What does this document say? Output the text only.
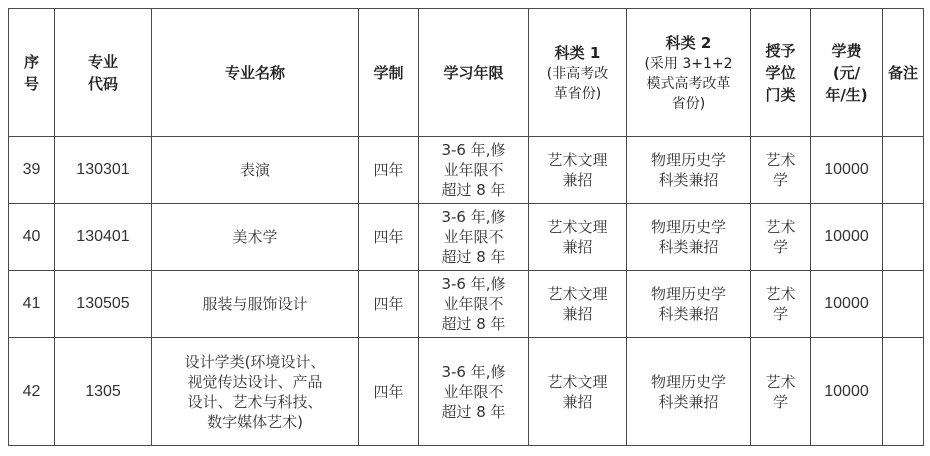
序
号	专业
代码	专业名称	学制	学习年限	科类 1
(非高考改
革省份)	科类 2
(采用 3+1+2
模式高考改革
省份)	授予
学位
门类	学费
(元/
年/生)	备注
39	130301	表演	四年	3-6 年,修
业年限不
超过 8 年	艺术文理
兼招	物理历史学
科类兼招	艺术
学	10000	
40	130401	美术学	四年	3-6 年,修
业年限不
超过 8 年	艺术文理
兼招	物理历史学
科类兼招	艺术
学	10000	
41	130505	服装与服饰设计	四年	3-6 年,修
业年限不
超过 8 年	艺术文理
兼招	物理历史学
科类兼招	艺术
学	10000	
42	1305	设计学类(环境设计、
视觉传达设计、产品
设计、艺术与科技、
数字媒体艺术)	四年	3-6 年,修
业年限不
超过 8 年	艺术文理
兼招	物理历史学
科类兼招	艺术
学	10000	
